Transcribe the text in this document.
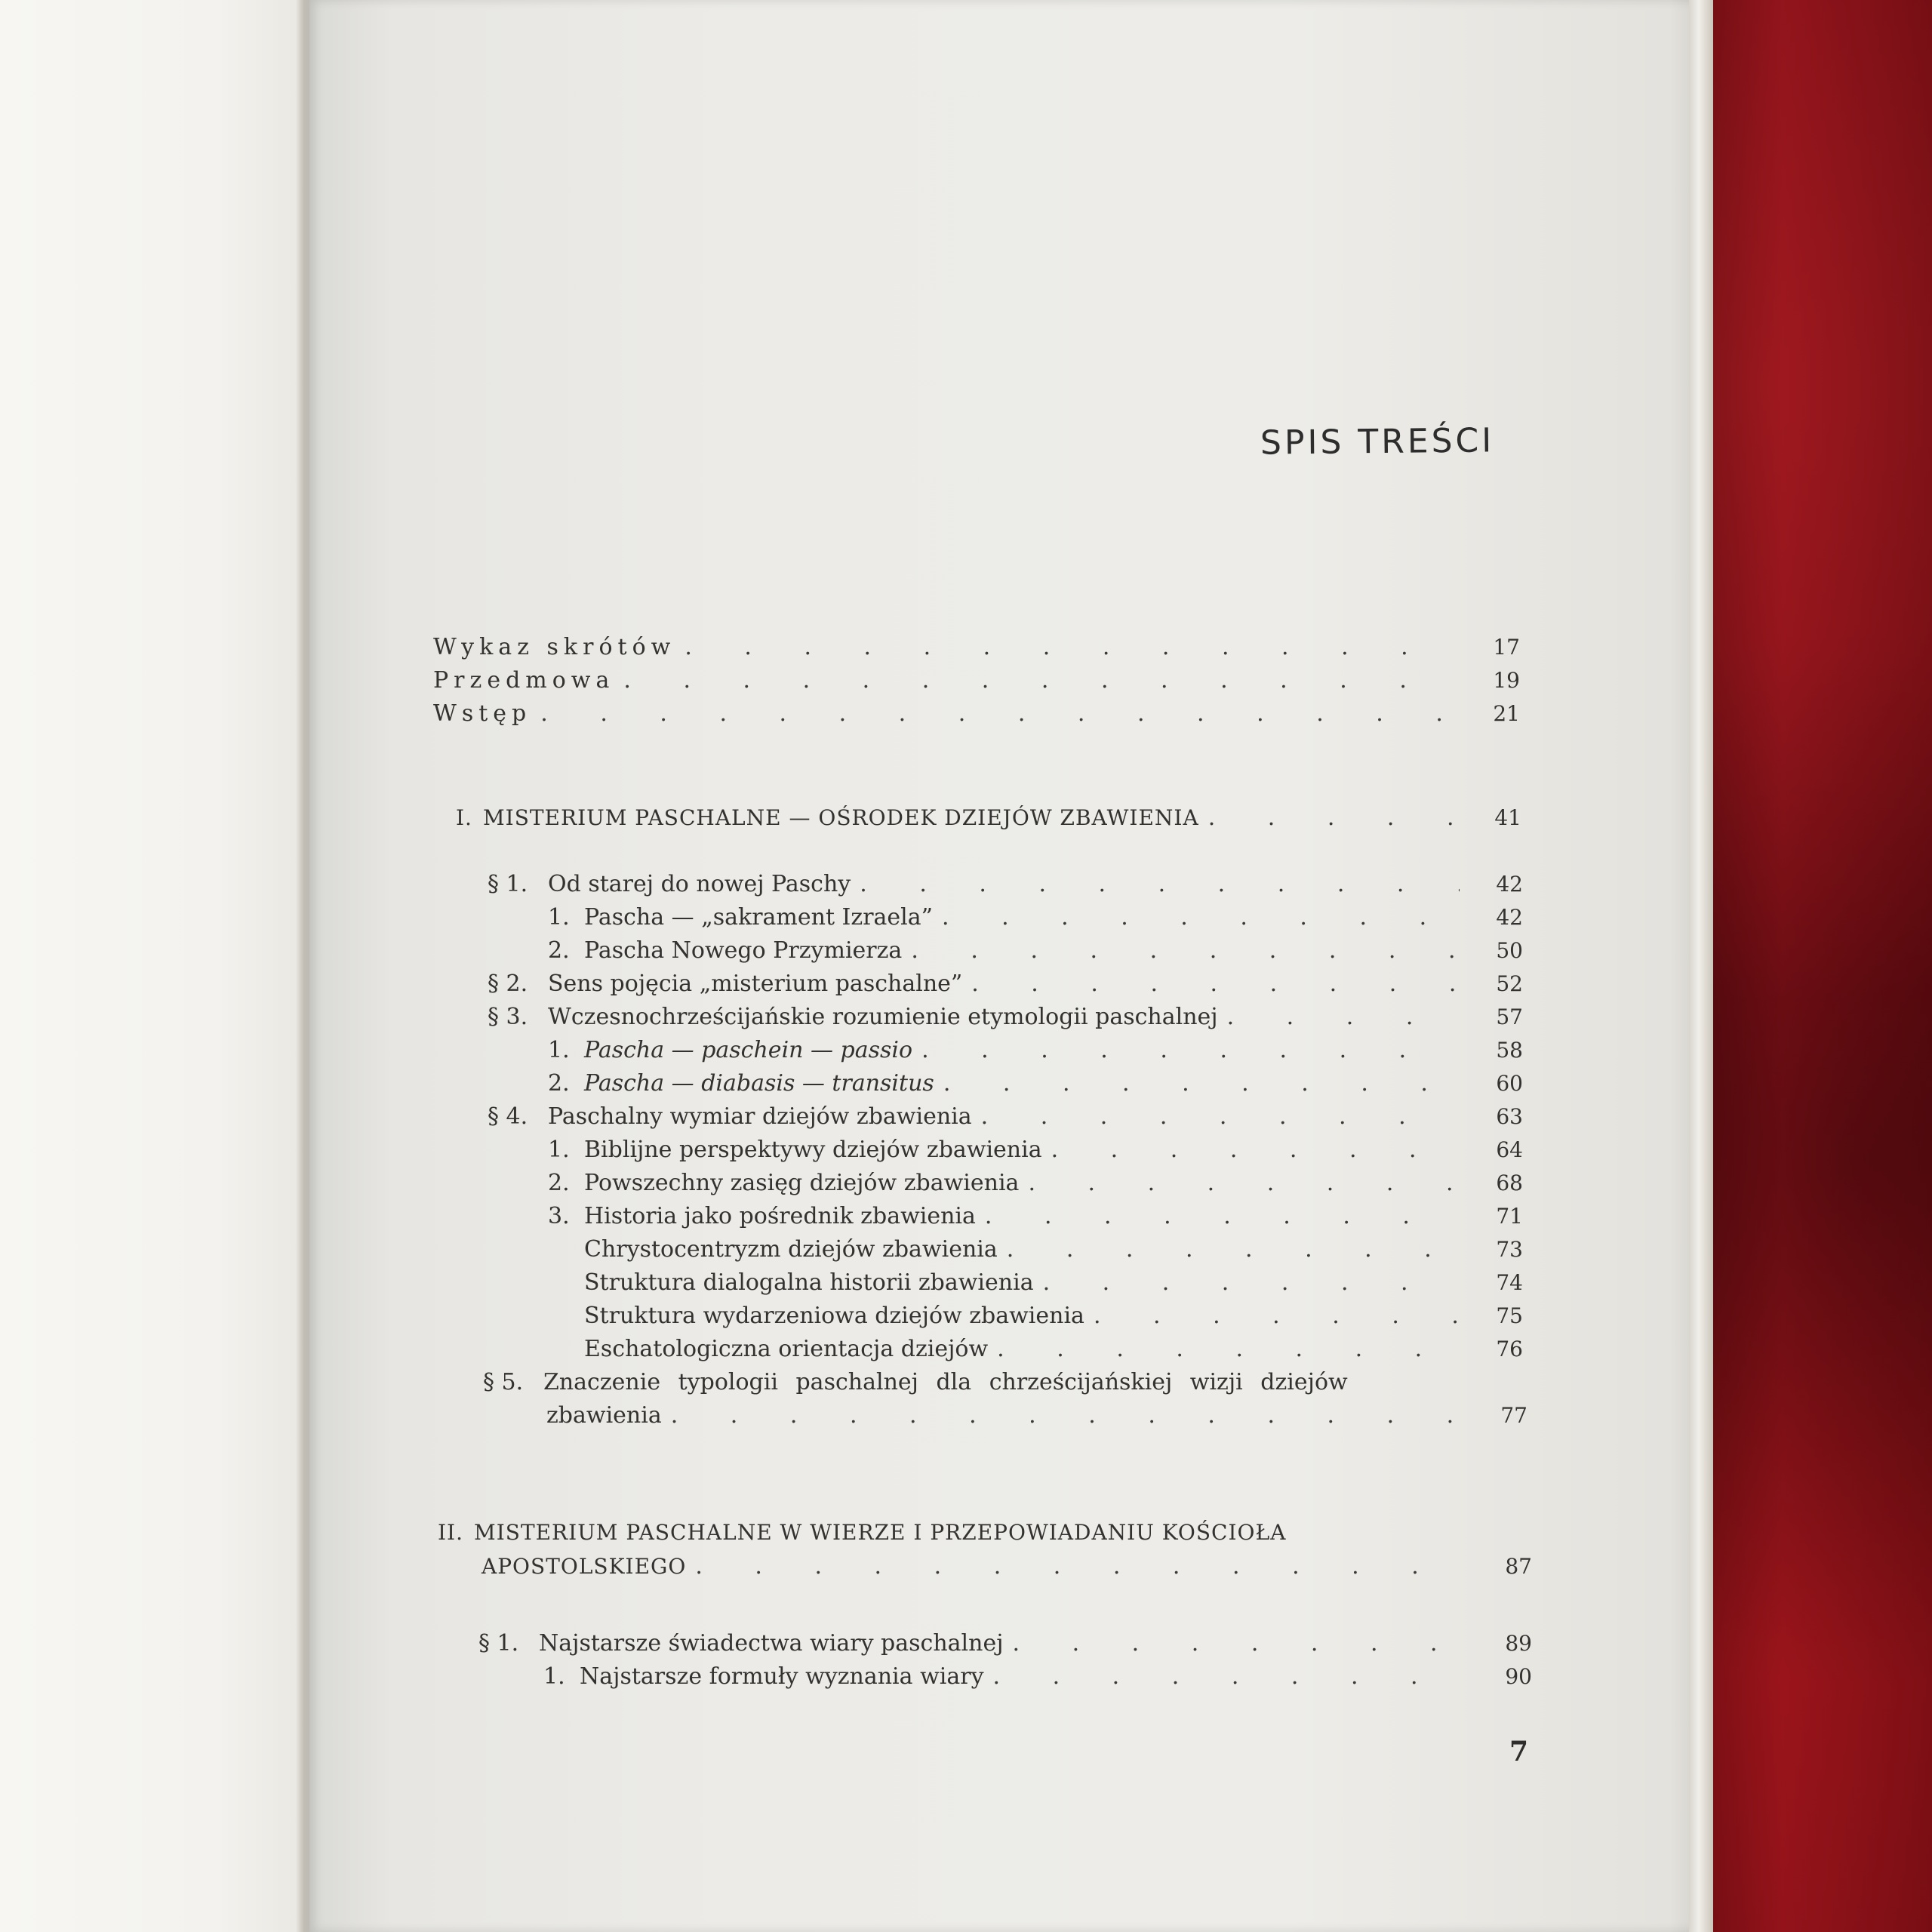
SPIS TREŚCI
Wykaz skrótów . . .	17
Przedmowa . . .	19
Wstęp . . .	21
I. MISTERIUM PASCHALNE — OŚRODEK DZIEJÓW ZBAWIENIA . . .	41
§ 1. Od starej do nowej Paschy . . .	42
1. Pascha — „sakrament Izraela” . . .	42
2. Pascha Nowego Przymierza . . .	50
§ 2. Sens pojęcia „misterium paschalne” . . .	52
§ 3. Wczesnochrześcijańskie rozumienie etymologii paschalnej . . .	57
1. Pascha — paschein — passio . . .	58
2. Pascha — diabasis — transitus . . .	60
§ 4. Paschalny wymiar dziejów zbawienia . . .	63
1. Biblijne perspektywy dziejów zbawienia . . .	64
2. Powszechny zasięg dziejów zbawienia . . .	68
3. Historia jako pośrednik zbawienia . . .	71
Chrystocentryzm dziejów zbawienia . . .	73
Struktura dialogalna historii zbawienia . . .	74
Struktura wydarzeniowa dziejów zbawienia . . .	75
Eschatologiczna orientacja dziejów . . .	76
§ 5. Znaczenie typologii paschalnej dla chrześcijańskiej wizji dziejów
zbawienia . . .	77
II. MISTERIUM PASCHALNE W WIERZE I PRZEPOWIADANIU KOŚCIOŁA
APOSTOLSKIEGO . . .	87
§ 1. Najstarsze świadectwa wiary paschalnej . . .	89
1. Najstarsze formuły wyznania wiary . . .	90
7
